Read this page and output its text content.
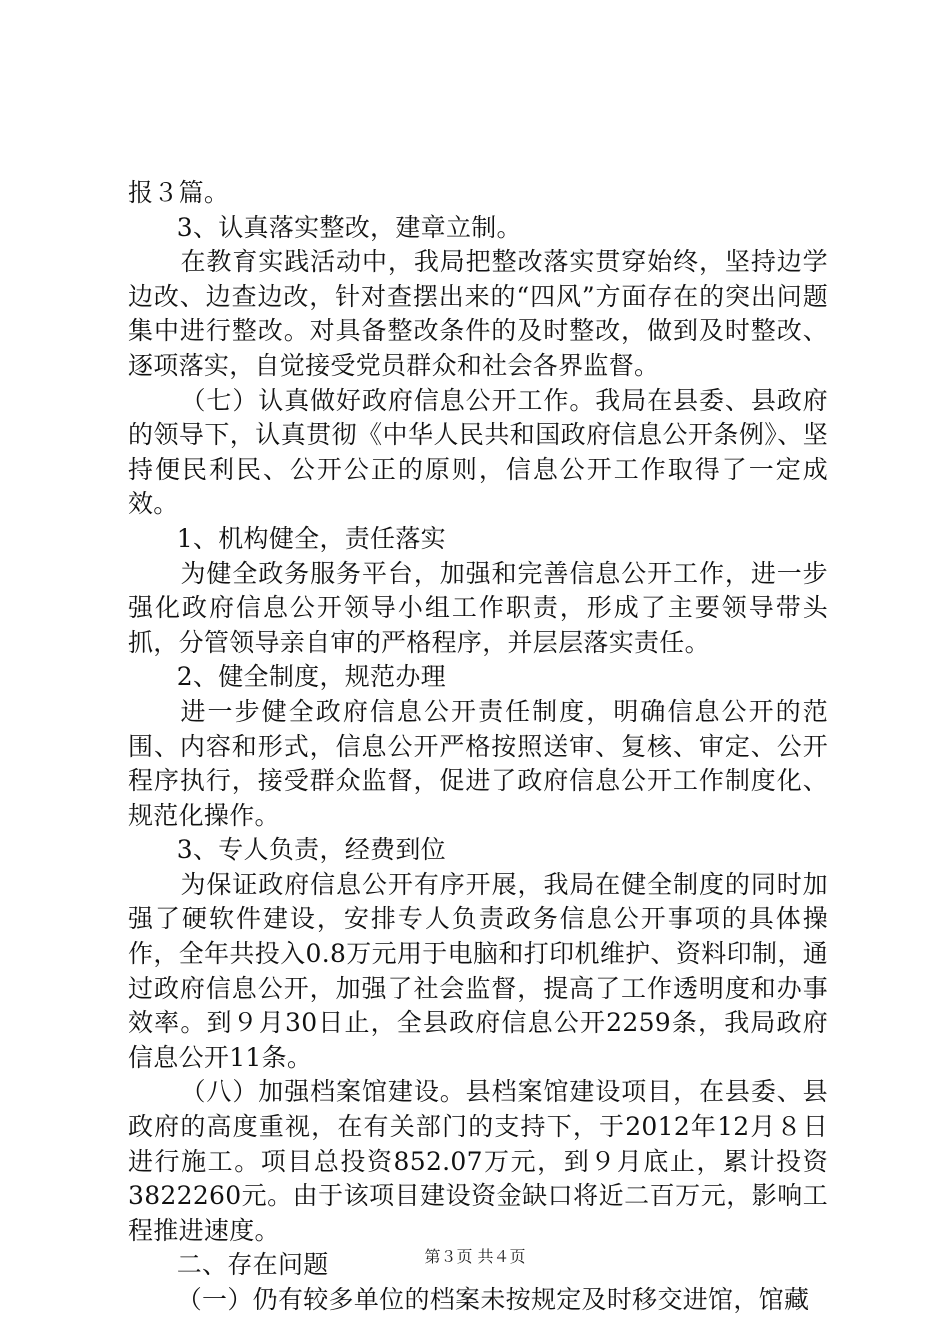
报３篇。

3、认真落实整改，建章立制。

在教育实践活动中，我局把整改落实贯穿始终，坚持边学边改、边查边改，针对查摆出来的“四风”方面存在的突出问题集中进行整改。对具备整改条件的及时整改，做到及时整改、逐项落实，自觉接受党员群众和社会各界监督。

（七）认真做好政府信息公开工作。我局在县委、县政府的领导下，认真贯彻《中华人民共和国政府信息公开条例》、坚持便民利民、公开公正的原则，信息公开工作取得了一定成效。

1、机构健全，责任落实

为健全政务服务平台，加强和完善信息公开工作，进一步强化政府信息公开领导小组工作职责，形成了主要领导带头抓，分管领导亲自审的严格程序，并层层落实责任。

2、健全制度，规范办理

进一步健全政府信息公开责任制度，明确信息公开的范围、内容和形式，信息公开严格按照送审、复核、审定、公开程序执行，接受群众监督，促进了政府信息公开工作制度化、规范化操作。

3、专人负责，经费到位

为保证政府信息公开有序开展，我局在健全制度的同时加强了硬软件建设，安排专人负责政务信息公开事项的具体操作，全年共投入0.8万元用于电脑和打印机维护、资料印制，通过政府信息公开，加强了社会监督，提高了工作透明度和办事效率。到９月30日止，全县政府信息公开2259条，我局政府信息公开11条。

（八）加强档案馆建设。县档案馆建设项目，在县委、县政府的高度重视，在有关部门的支持下，于2012年12月８日进行施工。项目总投资852.07万元，到９月底止，累计投资3822260元。由于该项目建设资金缺口将近二百万元，影响工程推进速度。

二、存在问题

（一）仍有较多单位的档案未按规定及时移交进馆，馆藏

第３页 共４页
